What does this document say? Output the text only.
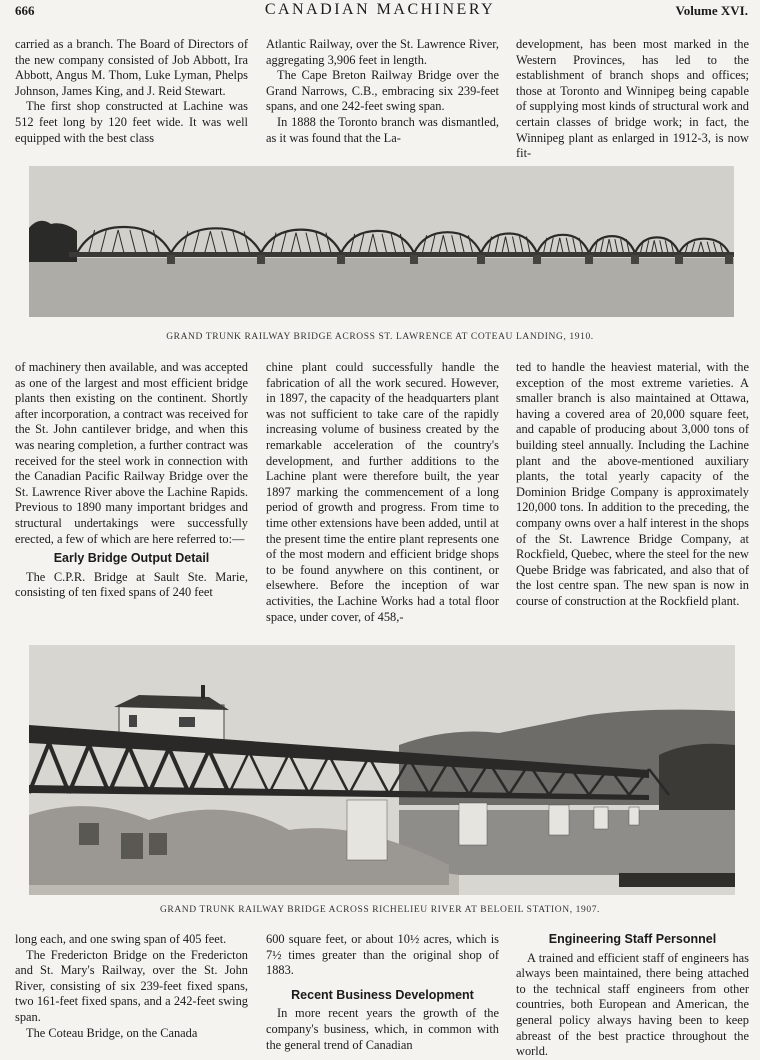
666	CANADIAN MACHINERY	Volume XVI.

carried as a branch. The Board of Directors of the new company consisted of Job Abbott, Ira Abbott, Angus M. Thom, Luke Lyman, Phelps Johnson, James King, and J. Reid Stewart.

The first shop constructed at Lachine was 512 feet long by 120 feet wide. It was well equipped with the best class

Atlantic Railway, over the St. Lawrence River, aggregating 3,906 feet in length.

The Cape Breton Railway Bridge over the Grand Narrows, C.B., embracing six 239-feet spans, and one 242-feet swing span.

In 1888 the Toronto branch was dismantled, as it was found that the La-

development, has been most marked in the Western Provinces, has led to the establishment of branch shops and offices; those at Toronto and Winnipeg being capable of supplying most kinds of structural work and certain classes of bridge work; in fact, the Winnipeg plant as enlarged in 1912-3, is now fit-

GRAND TRUNK RAILWAY BRIDGE ACROSS ST. LAWRENCE AT COTEAU LANDING, 1910.

of machinery then available, and was accepted as one of the largest and most efficient bridge plants then existing on the continent. Shortly after incorporation, a contract was received for the St. John cantilever bridge, and when this was nearing completion, a further contract was received for the steel work in connection with the Canadian Pacific Railway Bridge over the St. Lawrence River above the Lachine Rapids. Previous to 1890 many important bridges and structural undertakings were successfully erected, a few of which are here referred to:—

Early Bridge Output Detail

The C.P.R. Bridge at Sault Ste. Marie, consisting of ten fixed spans of 240 feet

chine plant could successfully handle the fabrication of all the work secured. However, in 1897, the capacity of the headquarters plant was not sufficient to take care of the rapidly increasing volume of business created by the remarkable acceleration of the country's development, and further additions to the Lachine plant were therefore built, the year 1897 marking the commencement of a long period of growth and progress. From time to time other extensions have been added, until at the present time the entire plant represents one of the most modern and efficient bridge shops to be found anywhere on this continent, or elsewhere. Before the inception of war activities, the Lachine Works had a total floor space, under cover, of 458,-

ted to handle the heaviest material, with the exception of the most extreme varieties. A smaller branch is also maintained at Ottawa, having a covered area of 20,000 square feet, and capable of producing about 3,000 tons of building steel annually. Including the Lachine plant and the above-mentioned auxiliary plants, the total yearly capacity of the Dominion Bridge Company is approximately 120,000 tons. In addition to the preceding, the company owns over a half interest in the shops of the St. Lawrence Bridge Company, at Rockfield, Quebec, where the steel for the new Quebe Bridge was fabricated, and also that of the lost centre span. The new span is now in course of construction at the Rockfield plant.

GRAND TRUNK RAILWAY BRIDGE ACROSS RICHELIEU RIVER AT BELOEIL STATION, 1907.

long each, and one swing span of 405 feet.

The Fredericton Bridge on the Fredericton and St. Mary's Railway, over the St. John River, consisting of six 239-feet fixed spans, two 161-feet fixed spans, and a 242-feet swing span.

The Coteau Bridge, on the Canada

600 square feet, or about 10½ acres, which is 7½ times greater than the original shop of 1883.

Recent Business Development

In more recent years the growth of the company's business, which, in common with the general trend of Canadian

Engineering Staff Personnel

A trained and efficient staff of engineers has always been maintained, there being attached to the technical staff engineers from other countries, both European and American, the general policy always having been to keep abreast of the best practice throughout the world.
